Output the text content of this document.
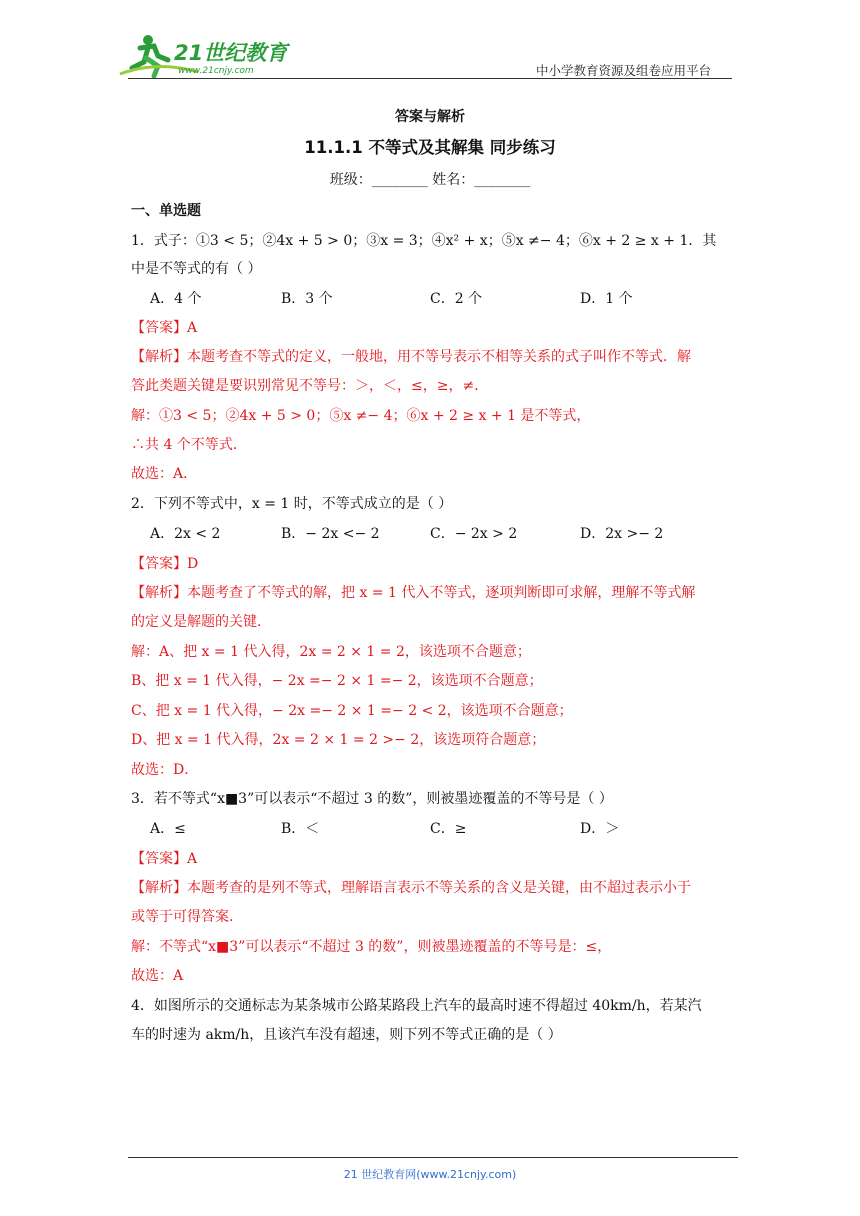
21世纪教育
www.21cnjy.com	中小学教育资源及组卷应用平台
答案与解析
11.1.1 不等式及其解集 同步练习
班级：________ 姓名：________
一、单选题
1．式子：①3 < 5；②4x + 5 > 0；③x = 3；④x² + x；⑤x ≠− 4；⑥x + 2 ≥ x + 1．其
中是不等式的有（ ）
A．4 个	B．3 个	C．2 个	D．1 个
【答案】A
【解析】本题考查不等式的定义，一般地，用不等号表示不相等关系的式子叫作不等式．解
答此类题关键是要识别常见不等号：＞，＜，≤，≥，≠．
解：①3 < 5；②4x + 5 > 0；⑤x ≠− 4；⑥x + 2 ≥ x + 1 是不等式，
∴共 4 个不等式．
故选：A．
2．下列不等式中，x = 1 时，不等式成立的是（ ）
A．2x < 2	B．− 2x <− 2	C．− 2x > 2	D．2x >− 2
【答案】D
【解析】本题考查了不等式的解，把 x = 1 代入不等式，逐项判断即可求解，理解不等式解
的定义是解题的关键．
解：A、把 x = 1 代入得，2x = 2 × 1 = 2，该选项不合题意；
B、把 x = 1 代入得，− 2x =− 2 × 1 =− 2，该选项不合题意；
C、把 x = 1 代入得，− 2x =− 2 × 1 =− 2 < 2，该选项不合题意；
D、把 x = 1 代入得，2x = 2 × 1 = 2 >− 2，该选项符合题意；
故选：D．
3．若不等式“x■3”可以表示“不超过 3 的数”，则被墨迹覆盖的不等号是（ ）
A．≤	B．＜	C．≥	D．＞
【答案】A
【解析】本题考查的是列不等式，理解语言表示不等关系的含义是关键，由不超过表示小于
或等于可得答案．
解：不等式“x■3”可以表示“不超过 3 的数”，则被墨迹覆盖的不等号是：≤，
故选：A
4．如图所示的交通标志为某条城市公路某路段上汽车的最高时速不得超过 40km/h，若某汽
车的时速为 akm/h，且该汽车没有超速，则下列不等式正确的是（ ）
21 世纪教育网(www.21cnjy.com)
